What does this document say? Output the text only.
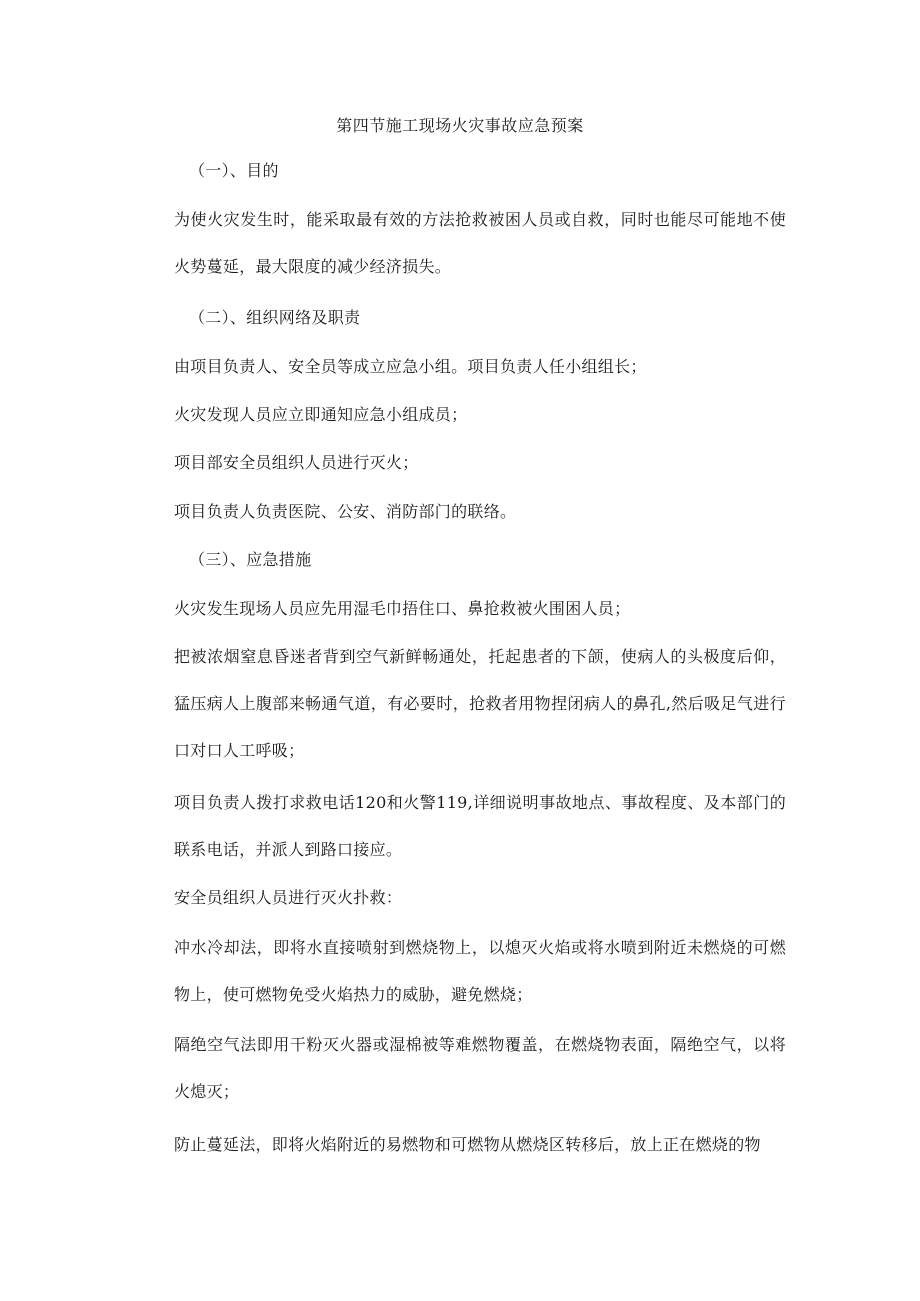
第四节施工现场火灾事故应急预案

（一）、目的

为使火灾发生时，能采取最有效的方法抢救被困人员或自救，同时也能尽可能地不使火势蔓延，最大限度的减少经济损失。

（二）、组织网络及职责

由项目负责人、安全员等成立应急小组。项目负责人任小组组长；

火灾发现人员应立即通知应急小组成员；

项目部安全员组织人员进行灭火；

项目负责人负责医院、公安、消防部门的联络。

（三）、应急措施

火灾发生现场人员应先用湿毛巾捂住口、鼻抢救被火围困人员；

把被浓烟窒息昏迷者背到空气新鲜畅通处，托起患者的下颌，使病人的头极度后仰，猛压病人上腹部来畅通气道，有必要时，抢救者用物捏闭病人的鼻孔,然后吸足气进行口对口人工呼吸；

项目负责人拨打求救电话120和火警119,详细说明事故地点、事故程度、及本部门的联系电话，并派人到路口接应。

安全员组织人员进行灭火扑救：

冲水冷却法，即将水直接喷射到燃烧物上，以熄灭火焰或将水喷到附近未燃烧的可燃物上，使可燃物免受火焰热力的威胁，避免燃烧；

隔绝空气法即用干粉灭火器或湿棉被等难燃物覆盖，在燃烧物表面，隔绝空气，以将火熄灭；

防止蔓延法，即将火焰附近的易燃物和可燃物从燃烧区转移后，放上正在燃烧的物
